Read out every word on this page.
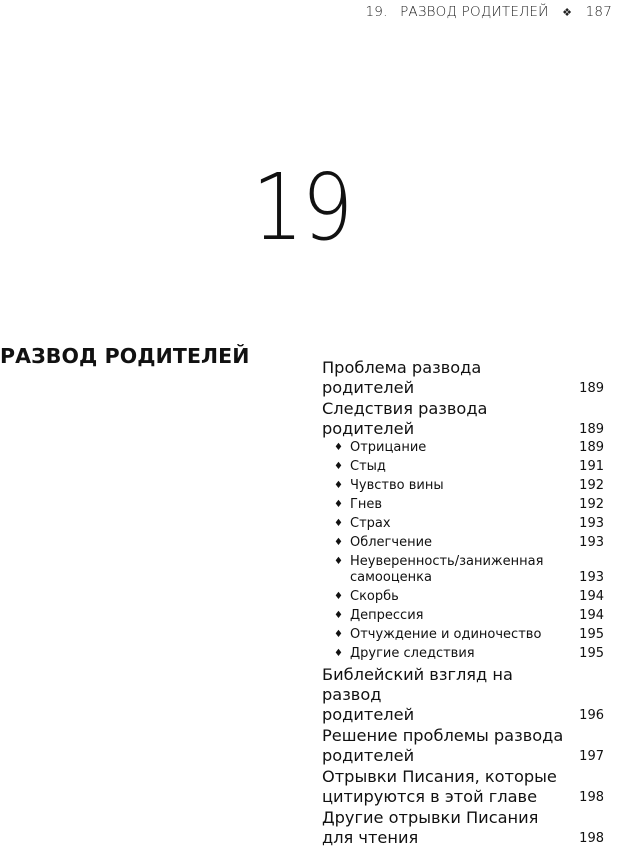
19. РАЗВОД РОДИТЕЛЕЙ ❖ 187
19
РАЗВОД РОДИТЕЛЕЙ	Проблема развода родителей	189
Следствия развода родителей	189
♦ Отрицание	189
♦ Стыд	191
♦ Чувство вины	192
♦ Гнев	192
♦ Страх	193
♦ Облегчение	193
♦ Неуверенность/заниженная
самооценка	193
♦ Скорбь	194
♦ Депрессия	194
♦ Отчуждение и одиночество	195
♦ Другие следствия	195
Библейский взгляд на развод
родителей	196
Решение проблемы развода
родителей	197
Отрывки Писания, которые
цитируются в этой главе	198
Другие отрывки Писания
для чтения	198
